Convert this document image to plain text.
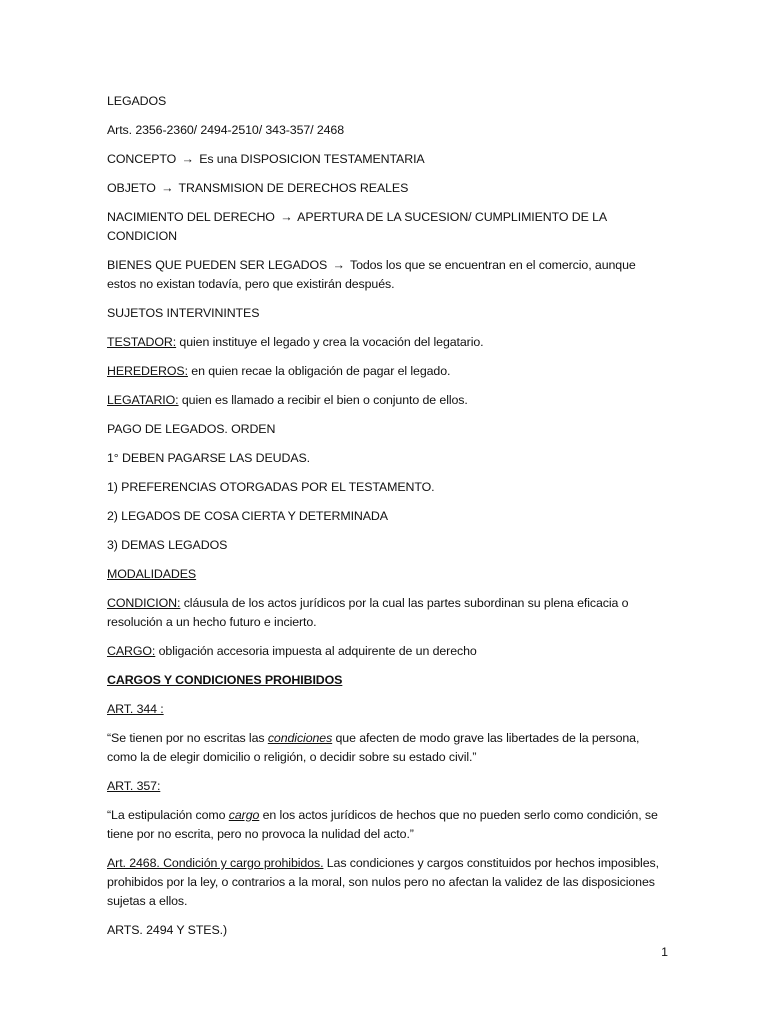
LEGADOS

Arts. 2356-2360/ 2494-2510/ 343-357/ 2468

CONCEPTO → Es una DISPOSICION TESTAMENTARIA

OBJETO → TRANSMISION DE DERECHOS REALES

NACIMIENTO DEL DERECHO → APERTURA DE LA SUCESION/ CUMPLIMIENTO DE LA CONDICION

BIENES QUE PUEDEN SER LEGADOS → Todos los que se encuentran en el comercio, aunque estos no existan todavía, pero que existirán después.

SUJETOS INTERVININTES

TESTADOR: quien instituye el legado y crea la vocación del legatario.

HEREDEROS: en quien recae la obligación de pagar el legado.

LEGATARIO: quien es llamado a recibir el bien o conjunto de ellos.

PAGO DE LEGADOS. ORDEN

1° DEBEN PAGARSE LAS DEUDAS.

1) PREFERENCIAS OTORGADAS POR EL TESTAMENTO.

2) LEGADOS DE COSA CIERTA Y DETERMINADA

3) DEMAS LEGADOS

MODALIDADES

CONDICION: cláusula de los actos jurídicos por la cual las partes subordinan su plena eficacia o resolución a un hecho futuro e incierto.

CARGO: obligación accesoria impuesta al adquirente de un derecho

CARGOS Y CONDICIONES PROHIBIDOS

ART. 344 :

“Se tienen por no escritas las condiciones que afecten de modo grave las libertades de la persona, como la de elegir domicilio o religión, o decidir sobre su estado civil.”

ART. 357:

“La estipulación como cargo en los actos jurídicos de hechos que no pueden serlo como condición, se tiene por no escrita, pero no provoca la nulidad del acto.”

Art. 2468. Condición y cargo prohibidos. Las condiciones y cargos constituidos por hechos imposibles, prohibidos por la ley, o contrarios a la moral, son nulos pero no afectan la validez de las disposiciones sujetas a ellos.

ARTS. 2494 Y STES.)

1
